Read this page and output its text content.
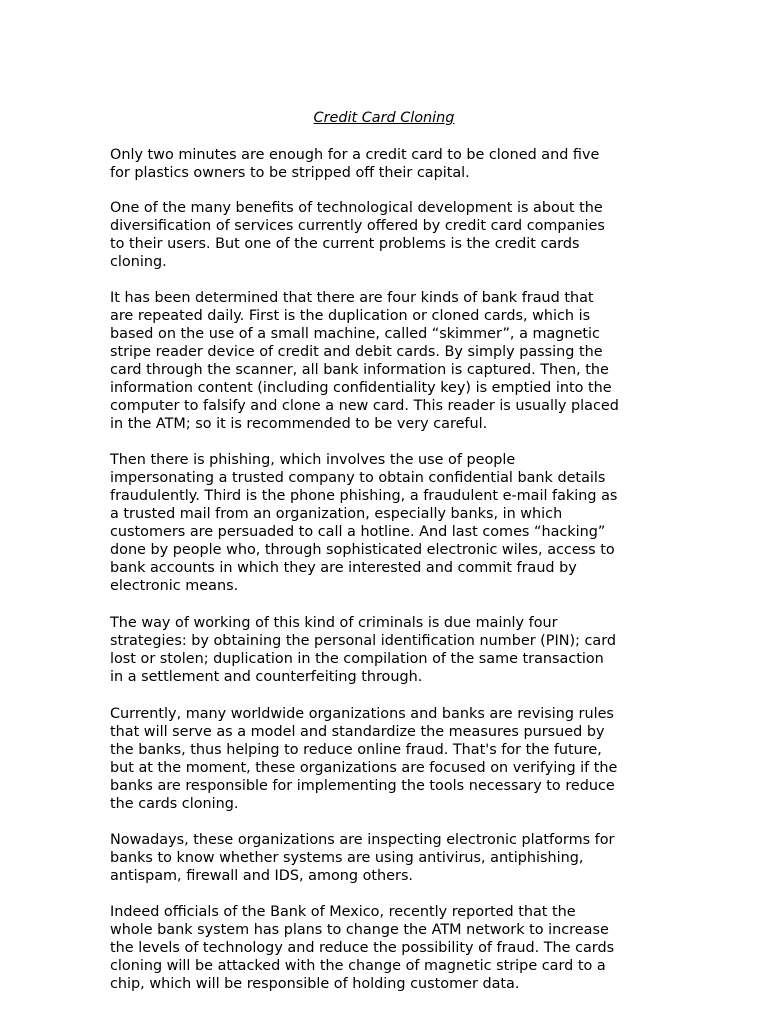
Credit Card Cloning

Only two minutes are enough for a credit card to be cloned and five
for plastics owners to be stripped off their capital.

One of the many benefits of technological development is about the
diversification of services currently offered by credit card companies
to their users. But one of the current problems is the credit cards
cloning.

It has been determined that there are four kinds of bank fraud that
are repeated daily. First is the duplication or cloned cards, which is
based on the use of a small machine, called “skimmer”, a magnetic
stripe reader device of credit and debit cards. By simply passing the
card through the scanner, all bank information is captured. Then, the
information content (including confidentiality key) is emptied into the
computer to falsify and clone a new card. This reader is usually placed
in the ATM; so it is recommended to be very careful.

Then there is phishing, which involves the use of people
impersonating a trusted company to obtain confidential bank details
fraudulently. Third is the phone phishing, a fraudulent e-mail faking as
a trusted mail from an organization, especially banks, in which
customers are persuaded to call a hotline. And last comes “hacking”
done by people who, through sophisticated electronic wiles, access to
bank accounts in which they are interested and commit fraud by
electronic means.

The way of working of this kind of criminals is due mainly four
strategies: by obtaining the personal identification number (PIN); card
lost or stolen; duplication in the compilation of the same transaction
in a settlement and counterfeiting through.

Currently, many worldwide organizations and banks are revising rules
that will serve as a model and standardize the measures pursued by
the banks, thus helping to reduce online fraud. That's for the future,
but at the moment, these organizations are focused on verifying if the
banks are responsible for implementing the tools necessary to reduce
the cards cloning.

Nowadays, these organizations are inspecting electronic platforms for
banks to know whether systems are using antivirus, antiphishing,
antispam, firewall and IDS, among others.

Indeed officials of the Bank of Mexico, recently reported that the
whole bank system has plans to change the ATM network to increase
the levels of technology and reduce the possibility of fraud. The cards
cloning will be attacked with the change of magnetic stripe card to a
chip, which will be responsible of holding customer data.
